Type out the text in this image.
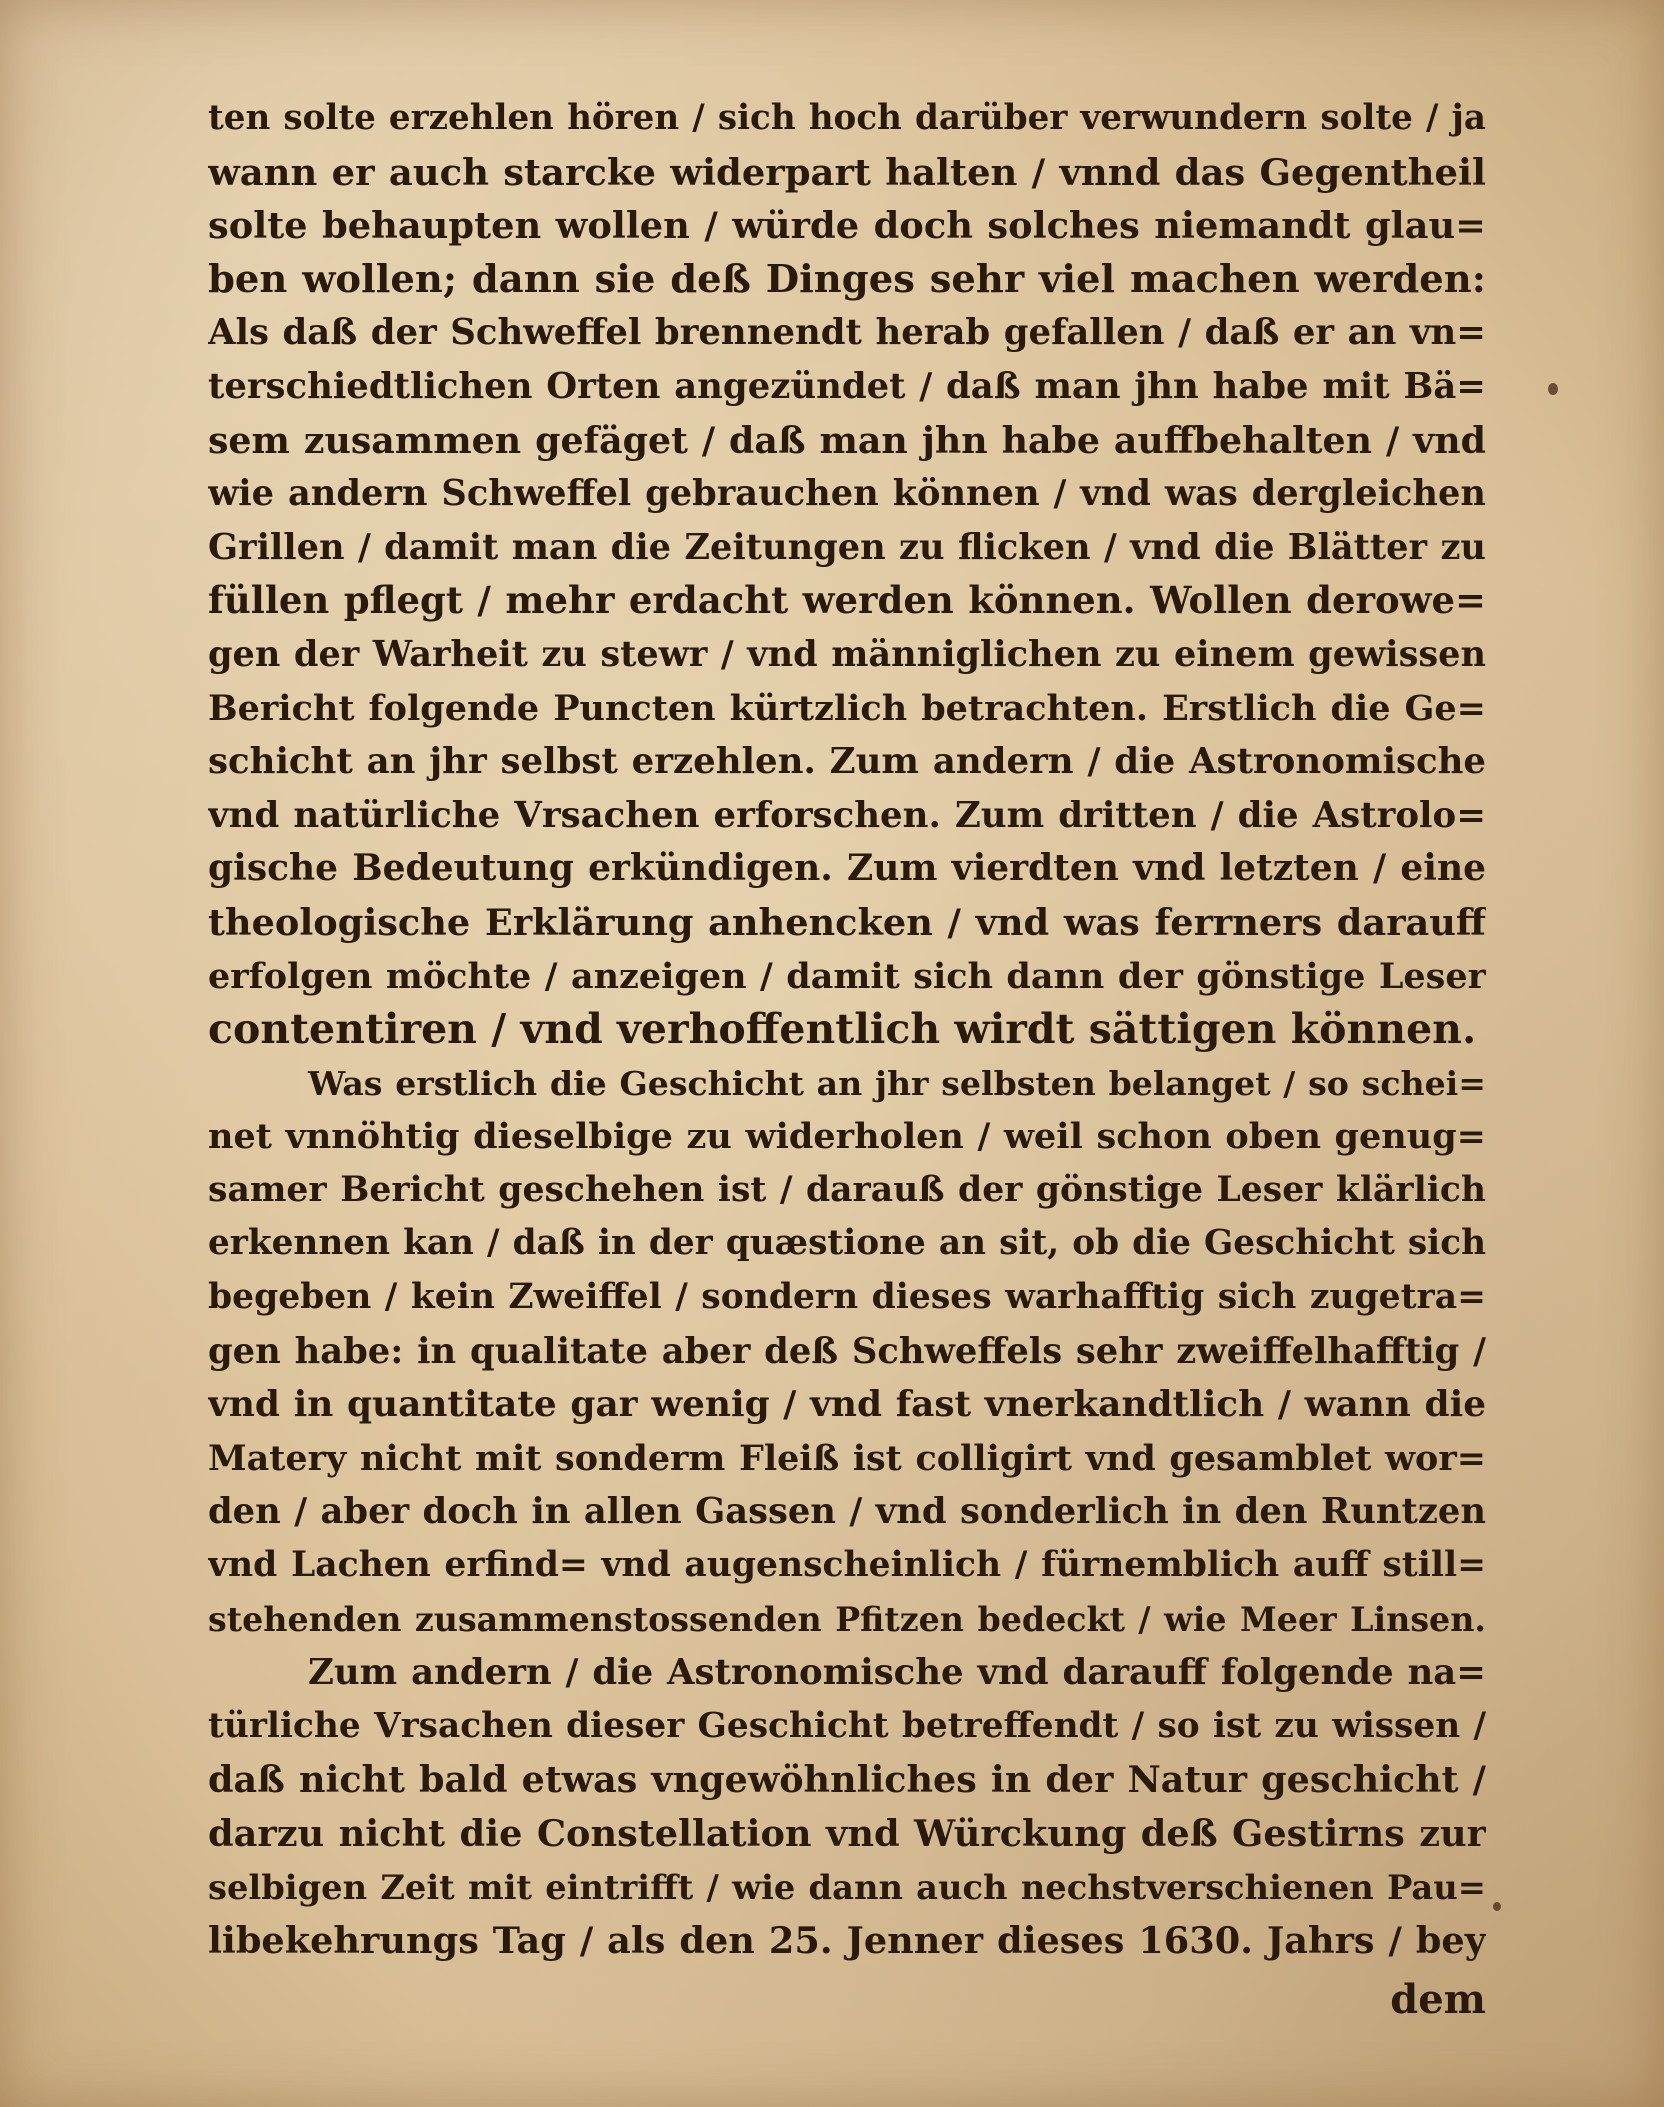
ten solte erzehlen hören / sich hoch darüber verwundern solte / ja
wann er auch starcke widerpart halten / vnnd das Gegentheil
solte behaupten wollen / würde doch solches niemandt glau=
ben wollen; dann sie deß Dinges sehr viel machen werden:
Als daß der Schweffel brennendt herab gefallen / daß er an vn=
terschiedtlichen Orten angezündet / daß man jhn habe mit Bä=
sem zusammen gefäget / daß man jhn habe auffbehalten / vnd
wie andern Schweffel gebrauchen können / vnd was dergleichen
Grillen / damit man die Zeitungen zu flicken / vnd die Blätter zu
füllen pflegt / mehr erdacht werden können. Wollen derowe=
gen der Warheit zu stewr / vnd männiglichen zu einem gewissen
Bericht folgende Puncten kürtzlich betrachten. Erstlich die Ge=
schicht an jhr selbst erzehlen. Zum andern / die Astronomische
vnd natürliche Vrsachen erforschen. Zum dritten / die Astrolo=
gische Bedeutung erkündigen. Zum vierdten vnd letzten / eine
theologische Erklärung anhencken / vnd was ferrners darauff
erfolgen möchte / anzeigen / damit sich dann der gönstige Leser
contentiren / vnd verhoffentlich wirdt sättigen können.
Was erstlich die Geschicht an jhr selbsten belanget / so schei=
net vnnöhtig dieselbige zu widerholen / weil schon oben genug=
samer Bericht geschehen ist / darauß der gönstige Leser klärlich
erkennen kan / daß in der quæstione an sit, ob die Geschicht sich
begeben / kein Zweiffel / sondern dieses warhafftig sich zugetra=
gen habe: in qualitate aber deß Schweffels sehr zweiffelhafftig /
vnd in quantitate gar wenig / vnd fast vnerkandtlich / wann die
Matery nicht mit sonderm Fleiß ist colligirt vnd gesamblet wor=
den / aber doch in allen Gassen / vnd sonderlich in den Runtzen
vnd Lachen erfind= vnd augenscheinlich / fürnemblich auff still=
stehenden zusammenstossenden Pfitzen bedeckt / wie Meer Linsen.
Zum andern / die Astronomische vnd darauff folgende na=
türliche Vrsachen dieser Geschicht betreffendt / so ist zu wissen /
daß nicht bald etwas vngewöhnliches in der Natur geschicht /
darzu nicht die Constellation vnd Würckung deß Gestirns zur
selbigen Zeit mit eintrifft / wie dann auch nechstverschienen Pau=
libekehrungs Tag / als den 25. Jenner dieses 1630. Jahrs / bey
dem
